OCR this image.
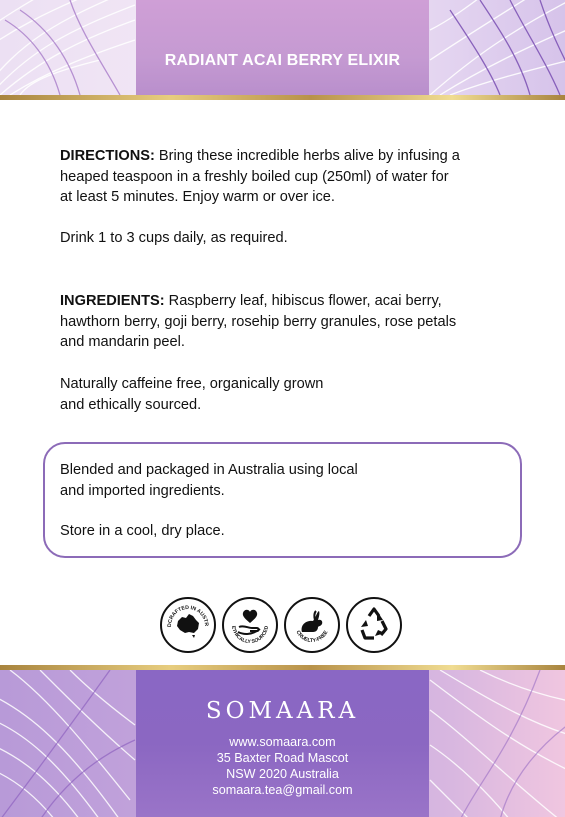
RADIANT ACAI BERRY ELIXIR

DIRECTIONS: Bring these incredible herbs alive by infusing a
heaped teaspoon in a freshly boiled cup (250ml) of water for
at least 5 minutes. Enjoy warm or over ice.

Drink 1 to 3 cups daily, as required.

INGREDIENTS: Raspberry leaf, hibiscus flower, acai berry,
hawthorn berry, goji berry, rosehip berry granules, rose petals
and mandarin peel.

Naturally caffeine free, organically grown
and ethically sourced.

Blended and packaged in Australia using local
and imported ingredients.

Store in a cool, dry place.

DCRAFTED IN AUSTR
ETHICALLY SOURCED
CRUELTY-FREE
SOMAARA
www.somaara.com
35 Baxter Road Mascot
NSW 2020 Australia
somaara.tea@gmail.com
